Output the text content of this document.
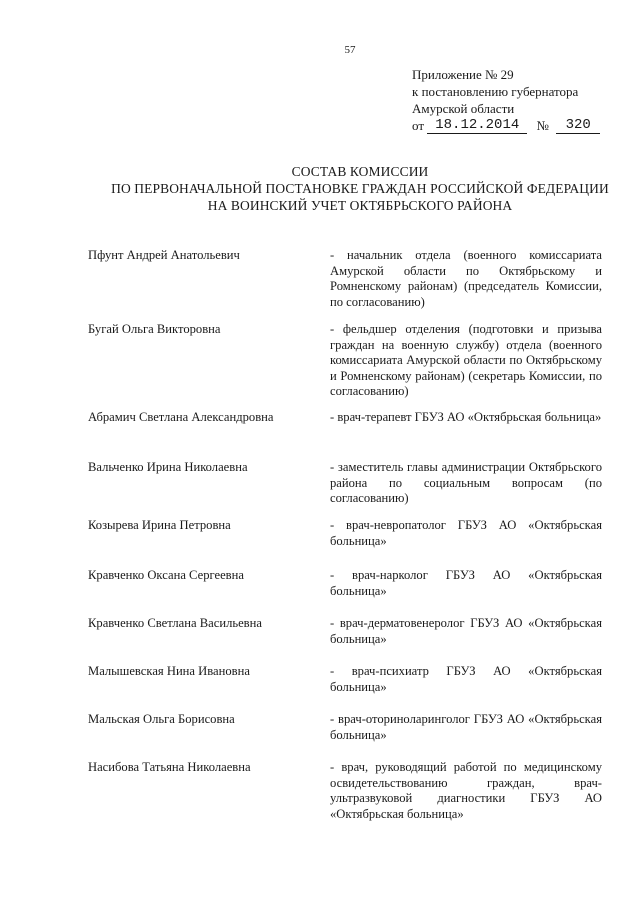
57
Приложение № 29
к постановлению губернатора
Амурской области
от 18.12.2014 № 320
СОСТАВ КОМИССИИ
ПО ПЕРВОНАЧАЛЬНОЙ ПОСТАНОВКЕ ГРАЖДАН РОССИЙСКОЙ ФЕДЕРАЦИИ
НА ВОИНСКИЙ УЧЕТ ОКТЯБРЬСКОГО РАЙОНА
Пфунт Андрей Анатольевич	- начальник отдела (военного комиссариата Амурской области по Октябрьскому и Ромненскому районам) (председатель Комиссии, по согласованию)
Бугай Ольга Викторовна	- фельдшер отделения (подготовки и призыва граждан на военную службу) отдела (военного комиссариата Амурской области по Октябрьскому и Ромненскому районам) (секретарь Комиссии, по согласованию)
Абрамич Светлана Александровна	- врач-терапевт ГБУЗ АО «Октябрьская больница»
Вальченко Ирина Николаевна	- заместитель главы администрации Октябрьского района по социальным вопросам (по согласованию)
Козырева Ирина Петровна	- врач-невропатолог ГБУЗ АО «Октябрьская больница»
Кравченко Оксана Сергеевна	- врач-нарколог ГБУЗ АО «Октябрьская больница»
Кравченко Светлана Васильевна	- врач-дерматовенеролог ГБУЗ АО «Октябрьская больница»
Малышевская Нина Ивановна	- врач-психиатр ГБУЗ АО «Октябрьская больница»
Мальская Ольга Борисовна	- врач-оториноларинголог ГБУЗ АО «Октябрьская больница»
Насибова Татьяна Николаевна	- врач, руководящий работой по медицинскому освидетельствованию граждан, врач-ультразвуковой диагностики ГБУЗ АО «Октябрьская больница»
